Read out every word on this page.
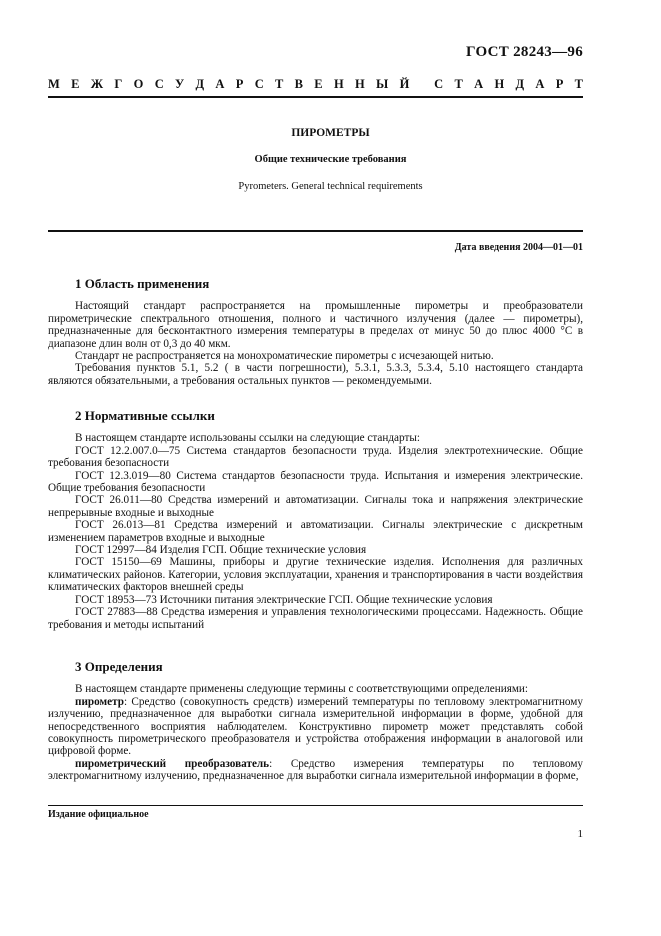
ГОСТ 28243—96
М Е Ж Г О С У Д А Р С Т В Е Н Н Ы Й С Т А Н Д А Р Т
ПИРОМЕТРЫ
Общие технические требования
Pyrometers. General technical requirements
Дата введения 2004—01—01

1 Область применения

Настоящий стандарт распространяется на промышленные пирометры и преобразователи пирометрические спектрального отношения, полного и частичного излучения (далее — пирометры), предназначенные для бесконтактного измерения температуры в пределах от минус 50 до плюс 4000 °С в диапазоне длин волн от 0,3 до 40 мкм.

Стандарт не распространяется на монохроматические пирометры с исчезающей нитью.

Требования пунктов 5.1, 5.2 ( в части погрешности), 5.3.1, 5.3.3, 5.3.4, 5.10 настоящего стандарта являются обязательными, а требования остальных пунктов — рекомендуемыми.

2 Нормативные ссылки

В настоящем стандарте использованы ссылки на следующие стандарты:

ГОСТ 12.2.007.0—75 Система стандартов безопасности труда. Изделия электротехнические. Общие требования безопасности

ГОСТ 12.3.019—80 Система стандартов безопасности труда. Испытания и измерения электрические. Общие требования безопасности

ГОСТ 26.011—80 Средства измерений и автоматизации. Сигналы тока и напряжения электрические непрерывные входные и выходные

ГОСТ 26.013—81 Средства измерений и автоматизации. Сигналы электрические с дискретным изменением параметров входные и выходные

ГОСТ 12997—84 Изделия ГСП. Общие технические условия

ГОСТ 15150—69 Машины, приборы и другие технические изделия. Исполнения для различных климатических районов. Категории, условия эксплуатации, хранения и транспортирования в части воздействия климатических факторов внешней среды

ГОСТ 18953—73 Источники питания электрические ГСП. Общие технические условия

ГОСТ 27883—88 Средства измерения и управления технологическими процессами. Надежность. Общие требования и методы испытаний

3 Определения

В настоящем стандарте применены следующие термины с соответствующими определениями:

пирометр: Средство (совокупность средств) измерений температуры по тепловому электромагнитному излучению, предназначенное для выработки сигнала измерительной информации в форме, удобной для непосредственного восприятия наблюдателем. Конструктивно пирометр может представлять собой совокупность пирометрического преобразователя и устройства отображения информации в аналоговой или цифровой форме.

пирометрический преобразователь: Средство измерения температуры по тепловому электромагнитному излучению, предназначенное для выработки сигнала измерительной информации в форме,

Издание официальное
1
